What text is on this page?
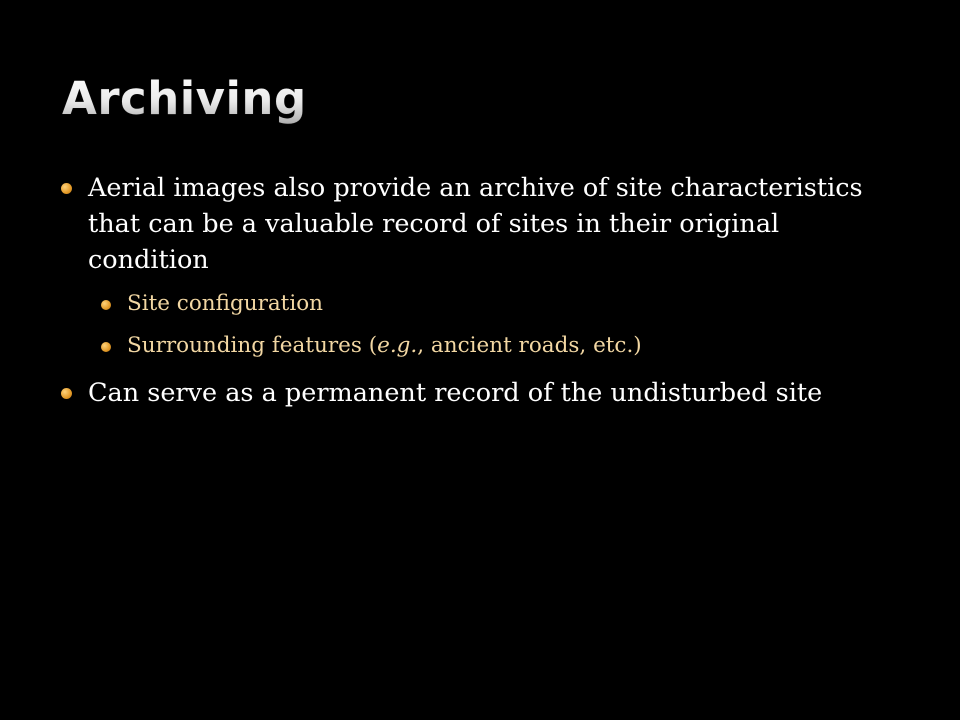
Archiving

Aerial images also provide an archive of site characteristics that can be a valuable record of sites in their original condition

Site configuration

Surrounding features (e.g., ancient roads, etc.)

Can serve as a permanent record of the undisturbed site
